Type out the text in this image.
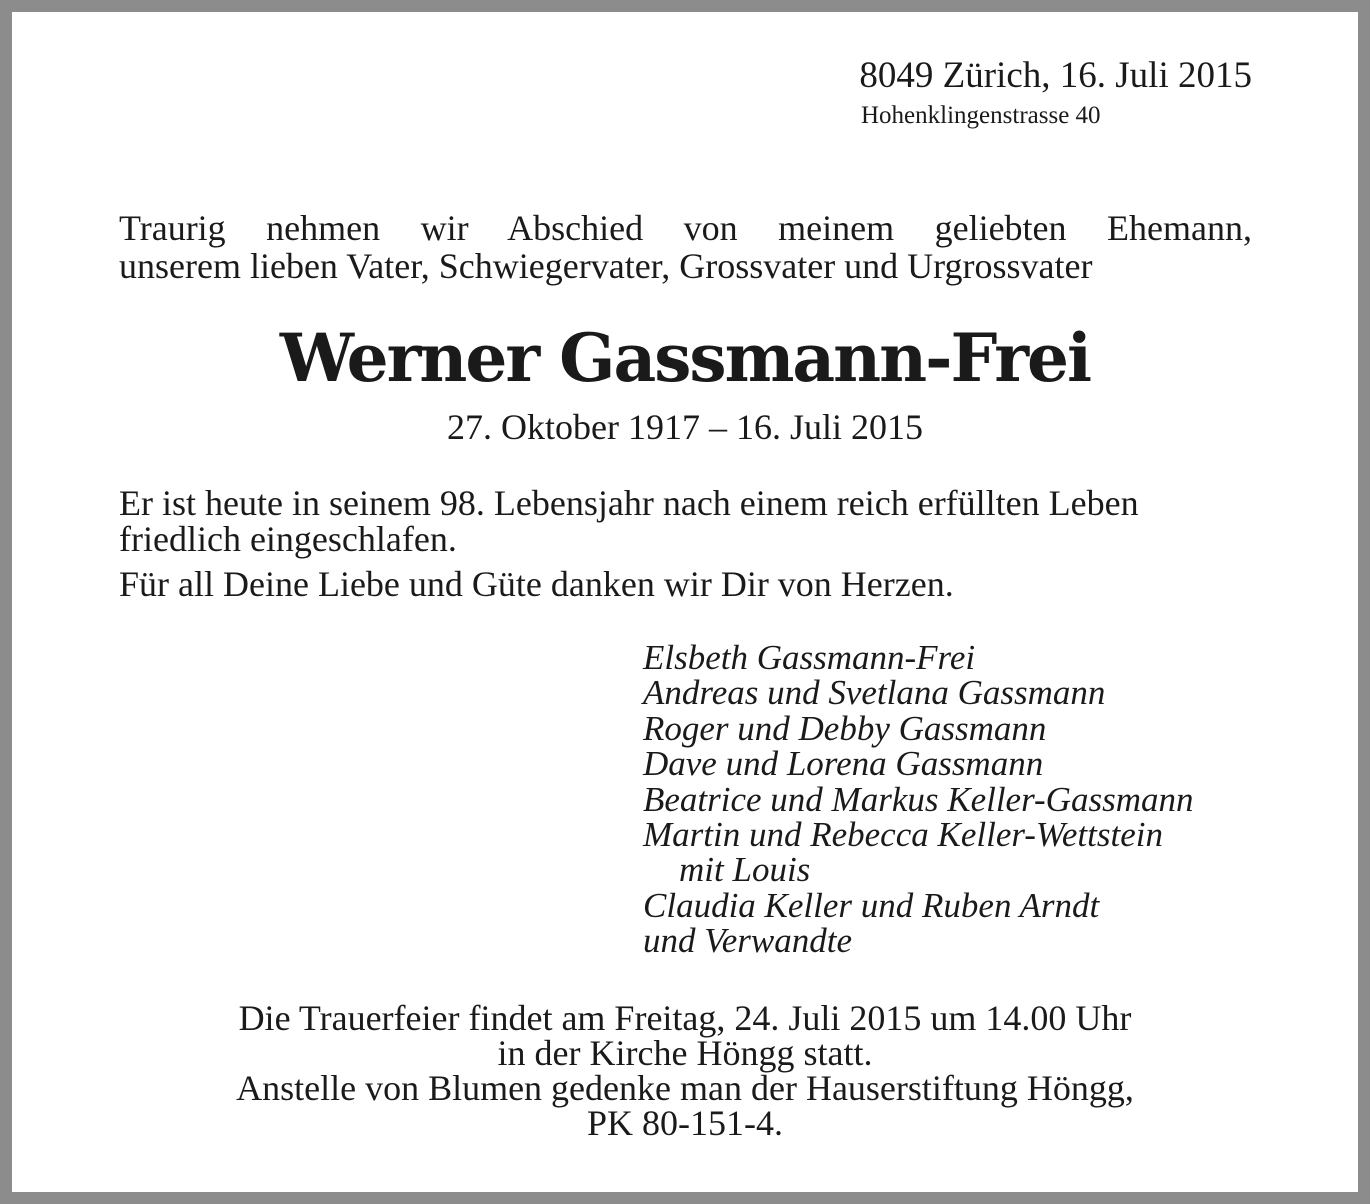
8049 Zürich, 16. Juli 2015
Hohenklingenstrasse 40
Traurig nehmen wir Abschied von meinem geliebten Ehemann,
unserem lieben Vater, Schwiegervater, Grossvater und Urgrossvater
Werner Gassmann-Frei
27. Oktober 1917 – 16. Juli 2015
Er ist heute in seinem 98. Lebensjahr nach einem reich erfüllten Leben friedlich eingeschlafen.
Für all Deine Liebe und Güte danken wir Dir von Herzen.
Elsbeth Gassmann-Frei
Andreas und Svetlana Gassmann
Roger und Debby Gassmann
Dave und Lorena Gassmann
Beatrice und Markus Keller-Gassmann
Martin und Rebecca Keller-Wettstein
mit Louis
Claudia Keller und Ruben Arndt
und Verwandte
Die Trauerfeier findet am Freitag, 24. Juli 2015 um 14.00 Uhr
in der Kirche Höngg statt.
Anstelle von Blumen gedenke man der Hauserstiftung Höngg,
PK 80-151-4.
